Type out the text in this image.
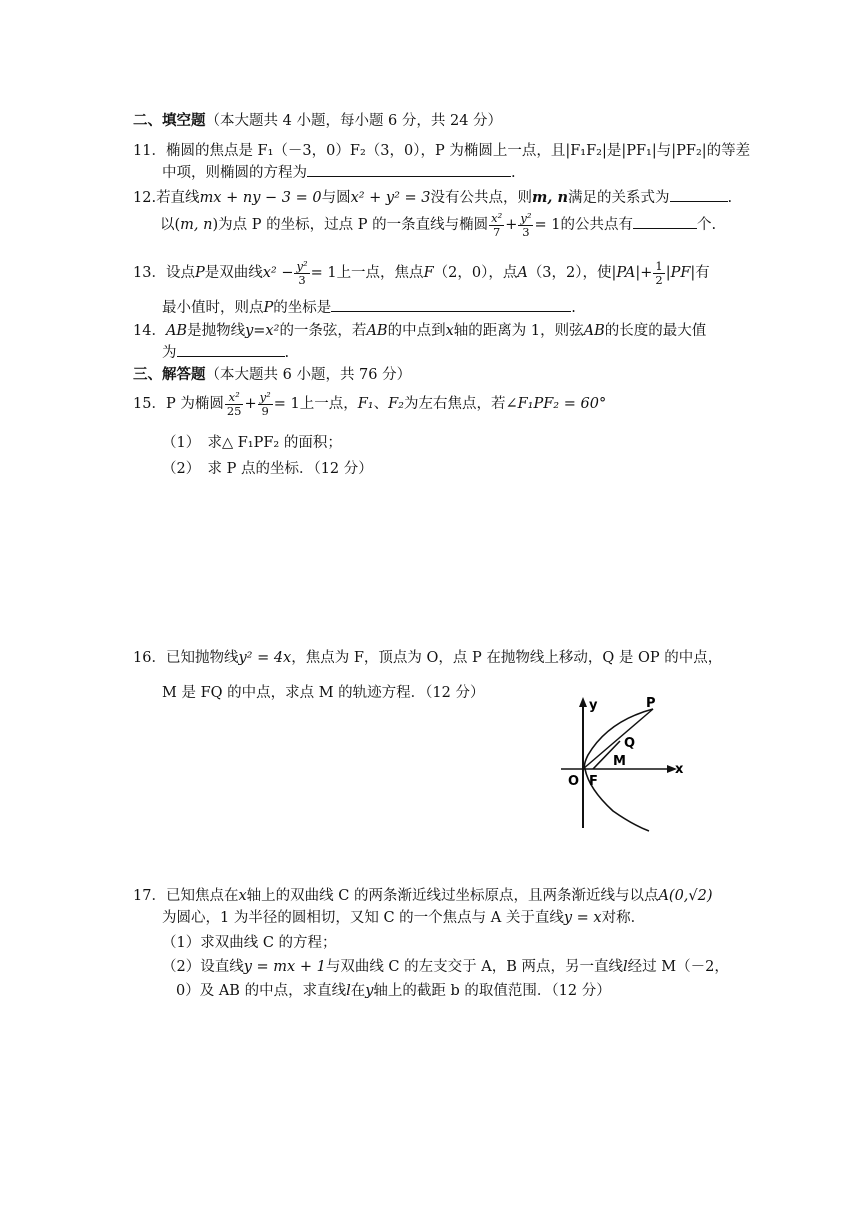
二、填空题（本大题共 4 小题，每小题 6 分，共 24 分）
11．椭圆的焦点是 F₁（－3，0）F₂（3，0），P 为椭圆上一点，且|F₁F₂|是|PF₁|与|PF₂|的等差
中项，则椭圆的方程为	.
12.若直线mx + ny − 3 = 0与圆x² + y² = 3没有公共点，则m, n满足的关系式为	.
以(m, n)为点 P 的坐标，过点 P 的一条直线与椭圆 $\frac{\text{x²}}{7} + \frac{\text{y²}}{3} = 1$的公共点有	个.
13．设点P是双曲线$x^2 - \frac{\text{y²}}{3} = 1$上一点，焦点F（2，0），点A（3，2），使$|PA|+ \frac{1}{2} |PF|$有
最小值时，则点P的坐标是	.
14．AB是抛物线y=x²的一条弦，若AB的中点到x轴的距离为 1，则弦AB的长度的最大值
为	.
三、解答题（本大题共 6 小题，共 76 分）
15．P 为椭圆 $\frac{\text{x²}}{25} + \frac{\text{y²}}{9} = 1$上一点，F₁、F₂为左右焦点，若∠F₁PF₂ = 60°
（1）　求△ F₁PF₂ 的面积；
（2）　求 P 点的坐标．（12 分）
16．已知抛物线y² = 4x，焦点为 F，顶点为 O，点 P 在抛物线上移动，Q 是 OP 的中点，
M 是 FQ 的中点，求点 M 的轨迹方程．（12 分）
y
x
P
Q
M
O F
17．已知焦点在x轴上的双曲线 C 的两条渐近线过坐标原点，且两条渐近线与以点A(0,√2)
为圆心，1 为半径的圆相切，又知 C 的一个焦点与 A 关于直线y = x对称．
（1）求双曲线 C 的方程；
（2）设直线y = mx + 1与双曲线 C 的左支交于 A，B 两点，另一直线l经过 M（－2，
0）及 AB 的中点，求直线l在y轴上的截距 b 的取值范围．（12 分）
